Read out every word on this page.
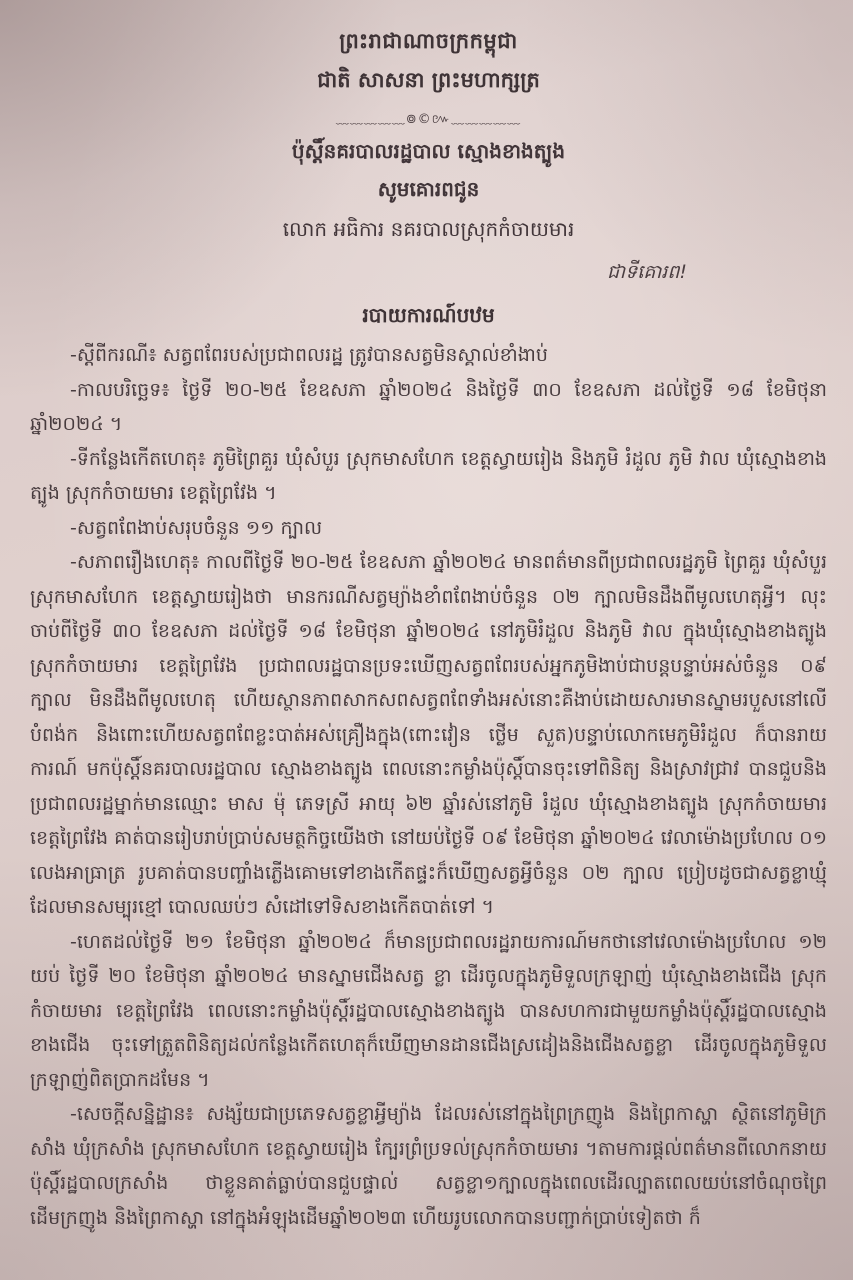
ព្រះរាជាណាចក្រកម្ពុជា
ជាតិ សាសនា ព្រះមហាក្សត្រ
﹏﹏﹏﹏﹏៙©៚﹏﹏﹏﹏﹏
ប៉ុស្ដិ៍នគរបាលរដ្ឋបាល ស្មោងខាងត្បូង
សូមគោរពជូន
លោក អធិការ នគរបាលស្រុកកំចាយមារ
ជាទីគោរព!
របាយការណ៍បឋម

-ស្ដីពីករណី៖ សត្វពពែរបស់ប្រជាពលរដ្ឋ ត្រូវបានសត្វមិនស្គាល់ខាំងាប់

-កាលបរិច្ឆេទ៖ ថ្ងៃទី ២០-២៥ ខែឧសភា ឆ្នាំ២០២៤ និងថ្ងៃទី ៣០ ខែឧសភា ដល់ថ្ងៃទី ១៨ ខែមិថុនា ឆ្នាំ២០២៤ ។

-ទីកន្លែងកើតហេតុ៖ ភូមិព្រៃគួរ ឃុំសំបួរ ស្រុកមាសហែក ខេត្តស្វាយរៀង និងភូមិ រំដួល ភូមិ វាល ឃុំស្មោងខាងត្បូង ស្រុកកំចាយមារ ខេត្តព្រៃវែង ។

-សត្វពពែងាប់សរុបចំនួន ១១ ក្បាល

-សភាពរឿងហេតុ៖ កាលពីថ្ងៃទី ២០-២៥ ខែឧសភា ឆ្នាំ២០២៤ មានពត៌មានពីប្រជាពលរដ្ឋភូមិ ព្រៃគួរ ឃុំសំបួរ ស្រុកមាសហែក ខេត្តស្វាយរៀងថា មានករណីសត្វម្យ៉ាងខាំពពែងាប់ចំនួន ០២ ក្បាលមិនដឹងពីមូលហេតុអ្វី។ លុះចាប់ពីថ្ងៃទី ៣០ ខែឧសភា ដល់ថ្ងៃទី ១៨ ខែមិថុនា ឆ្នាំ២០២៤ នៅភូមិរំដួល និងភូមិ វាល ក្នុងឃុំស្មោងខាងត្បូង ស្រុកកំចាយមារ ខេត្តព្រៃវែង ប្រជាពលរដ្ឋបានប្រទះឃើញសត្វពពែរបស់អ្នកភូមិងាប់ជាបន្តបន្ទាប់អស់ចំនួន ០៩ ក្បាល មិនដឹងពីមូលហេតុ ហើយស្ថានភាពសាកសពសត្វពពែទាំងអស់នោះគឺងាប់ដោយសារមានស្នាមរបួសនៅលើបំពង់ក និងពោះហើយសត្វពពែខ្លះបាត់អស់គ្រឿងក្នុង(ពោះវៀន ថ្លើម សួត)បន្ទាប់លោកមេភូមិរំដួល ក៏បានរាយការណ៍ មកប៉ុស្ដិ៍នគរបាលរដ្ឋបាល ស្មោងខាងត្បូង ពេលនោះកម្លាំងប៉ុស្ដិ៍បានចុះទៅពិនិត្យ និងស្រាវជ្រាវ បានជួបនិងប្រជាពលរដ្ឋម្នាក់មានឈ្មោះ មាស ម៉ុ ភេទស្រី អាយុ ៦២ ឆ្នាំរស់នៅភូមិ រំដួល ឃុំស្មោងខាងត្បូង ស្រុកកំចាយមារ ខេត្តព្រៃវែង គាត់បានរៀបរាប់ប្រាប់សមត្ថកិច្ចយើងថា នៅយប់ថ្ងៃទី ០៩ ខែមិថុនា ឆ្នាំ២០២៤ វេលាម៉ោងប្រហែល ០១ លេងអាធ្រាត្រ រូបគាត់បានបញ្ចាំងភ្លើងគោមទៅខាងកើតផ្ទះក៏ឃើញសត្វអ្វីចំនួន ០២ ក្បាល ប្រៀបដូចជាសត្វខ្លាឃ្មុំ ដែលមានសម្បុរខ្មៅ បោលឈប់ៗ សំដៅទៅទិសខាងកើតបាត់ទៅ ។

-ហេតដល់ថ្ងៃទី ២១ ខែមិថុនា ឆ្នាំ២០២៤ ក៏មានប្រជាពលរដ្ឋរាយការណ៍មកថានៅវេលាម៉ោងប្រហែល ១២ យប់ ថ្ងៃទី ២០ ខែមិថុនា ឆ្នាំ២០២៤ មានស្នាមជើងសត្វ ខ្លា ដើរចូលក្នុងភូមិទួលក្រឡាញ់ ឃុំស្មោងខាងជើង ស្រុកកំចាយមារ ខេត្តព្រៃវែង ពេលនោះកម្លាំងប៉ុស្ដិ៍រដ្ឋបាលស្មោងខាងត្បូង បានសហការជាមួយកម្លាំងប៉ុស្ដិ៍រដ្ឋបាលស្មោងខាងជើង ចុះទៅត្រួតពិនិត្យដល់កន្លែងកើតហេតុក៏ឃើញមានដានជើងស្រដៀងនិងជើងសត្វខ្លា ដើរចូលក្នុងភូមិទួលក្រឡាញ់ពិតប្រាកដមែន ។

-សេចក្ដីសន្និដ្ឋាន៖ សង្ស័យជាប្រភេទសត្វខ្លាអ្វីម្យ៉ាង ដែលរស់នៅក្នុងព្រៃក្រញូង និងព្រៃកាស្ហា ស្ថិតនៅភូមិក្រសាំង ឃុំក្រសាំង ស្រុកមាសហែក ខេត្តស្វាយរៀង ក្បែរព្រំប្រទល់ស្រុកកំចាយមារ ។តាមការផ្ដល់ពត៌មានពីលោកនាយប៉ុស្ដិ៍រដ្ឋបាលក្រសាំង ថាខ្លួនគាត់ធ្លាប់បានជួបផ្ទាល់ សត្វខ្លា១ក្បាលក្នុងពេលដើរល្បាតពេលយប់នៅចំណុចព្រៃដើមក្រញូង និងព្រៃកាស្ហា នៅក្នុងអំឡុងដើមឆ្នាំ២០២៣ ហើយរូបលោកបានបញ្ជាក់ប្រាប់ទៀតថា ក៏
